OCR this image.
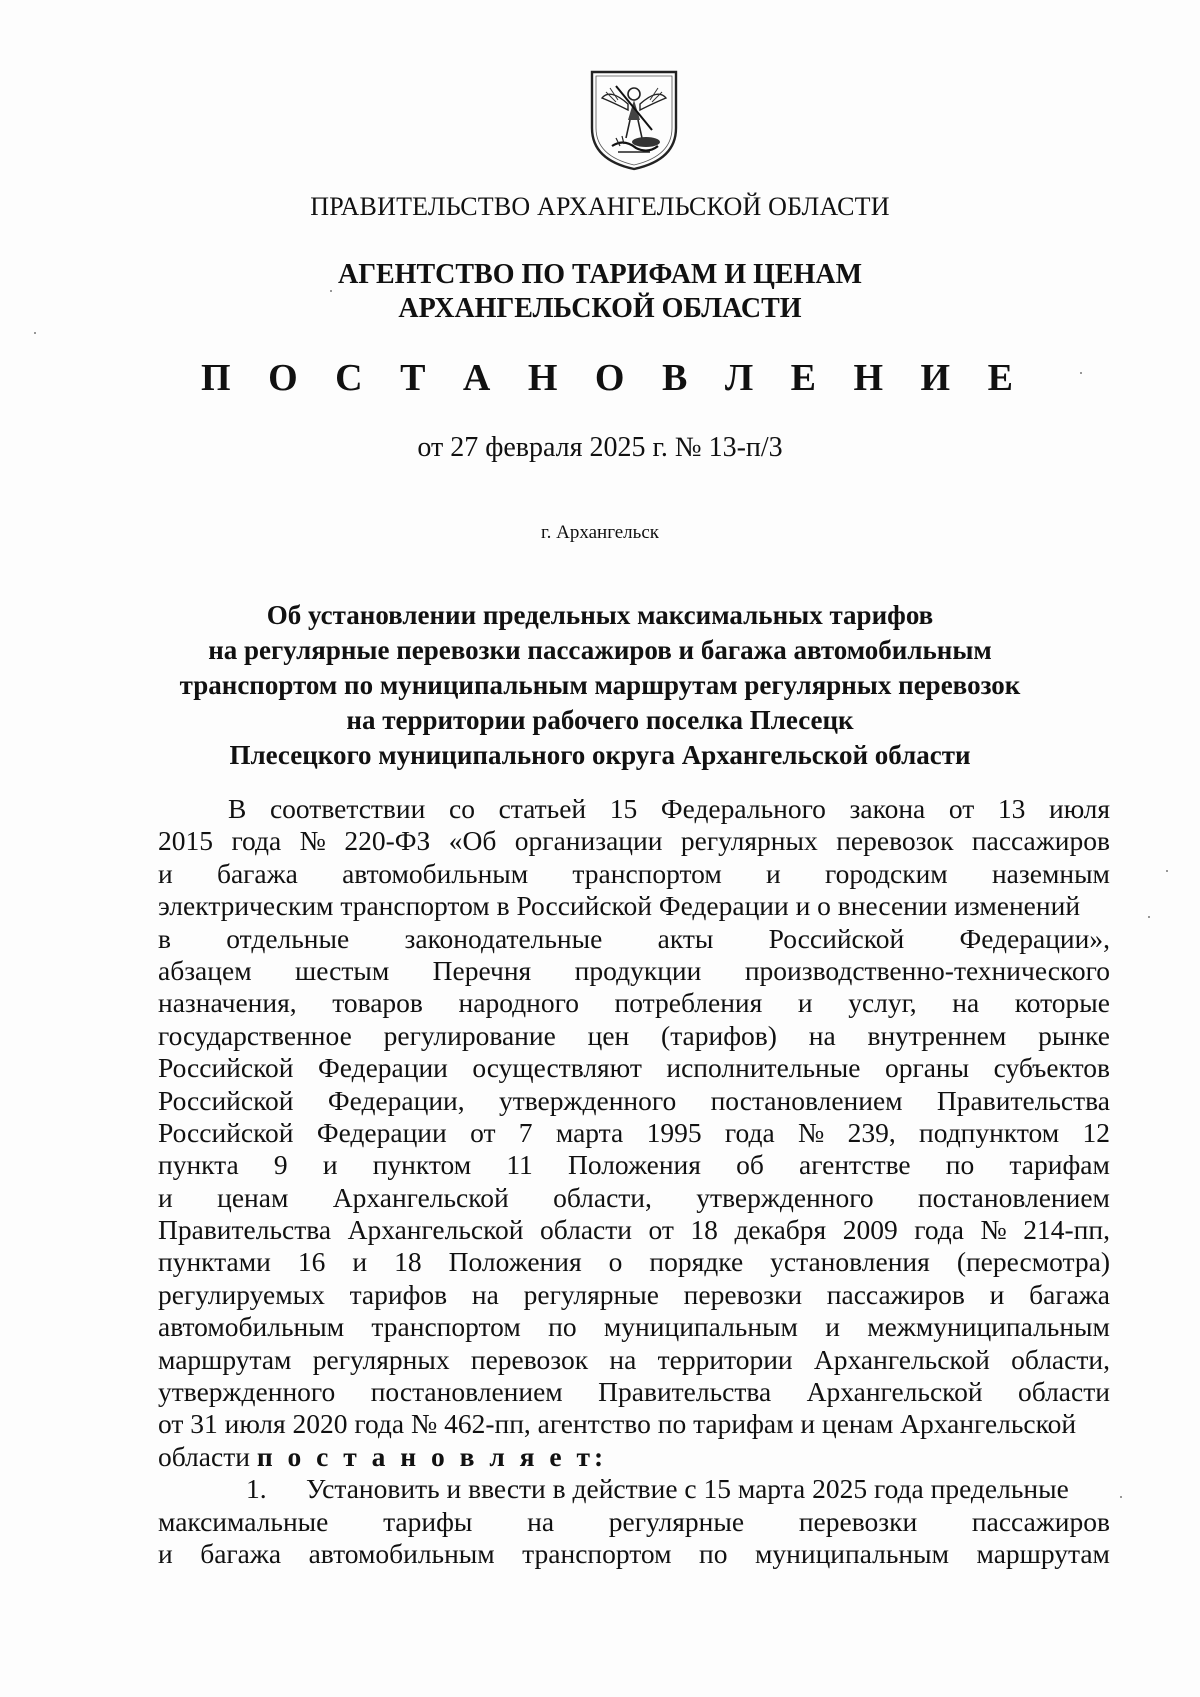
ПРАВИТЕЛЬСТВО АРХАНГЕЛЬСКОЙ ОБЛАСТИ
АГЕНТСТВО ПО ТАРИФАМ И ЦЕНАМ
АРХАНГЕЛЬСКОЙ ОБЛАСТИ
П О С Т А Н О В Л Е Н И Е
от 27 февраля 2025 г. № 13-п/3
г. Архангельск
Об установлении предельных максимальных тарифов
на регулярные перевозки пассажиров и багажа автомобильным
транспортом по муниципальным маршрутам регулярных перевозок
на территории рабочего поселка Плесецк
Плесецкого муниципального округа Архангельской области
В соответствии со статьей 15 Федерального закона от 13 июля
2015 года № 220-ФЗ «Об организации регулярных перевозок пассажиров
и багажа автомобильным транспортом и городским наземным
электрическим транспортом в Российской Федерации и о внесении изменений
в отдельные законодательные акты Российской Федерации»,
абзацем шестым Перечня продукции производственно-технического
назначения, товаров народного потребления и услуг, на которые
государственное регулирование цен (тарифов) на внутреннем рынке
Российской Федерации осуществляют исполнительные органы субъектов
Российской Федерации, утвержденного постановлением Правительства
Российской Федерации от 7 марта 1995 года № 239, подпунктом 12
пункта 9 и пунктом 11 Положения об агентстве по тарифам
и ценам Архангельской области, утвержденного постановлением
Правительства Архангельской области от 18 декабря 2009 года № 214-пп,
пунктами 16 и 18 Положения о порядке установления (пересмотра)
регулируемых тарифов на регулярные перевозки пассажиров и багажа
автомобильным транспортом по муниципальным и межмуниципальным
маршрутам регулярных перевозок на территории Архангельской области,
утвержденного постановлением Правительства Архангельской области
от 31 июля 2020 года № 462-пп, агентство по тарифам и ценам Архангельской
области
п о с т а н о в л я е т:
1.	Установить и ввести в действие с 15 марта 2025 года предельные
максимальные тарифы на регулярные перевозки пассажиров
и багажа автомобильным транспортом по муниципальным маршрутам
